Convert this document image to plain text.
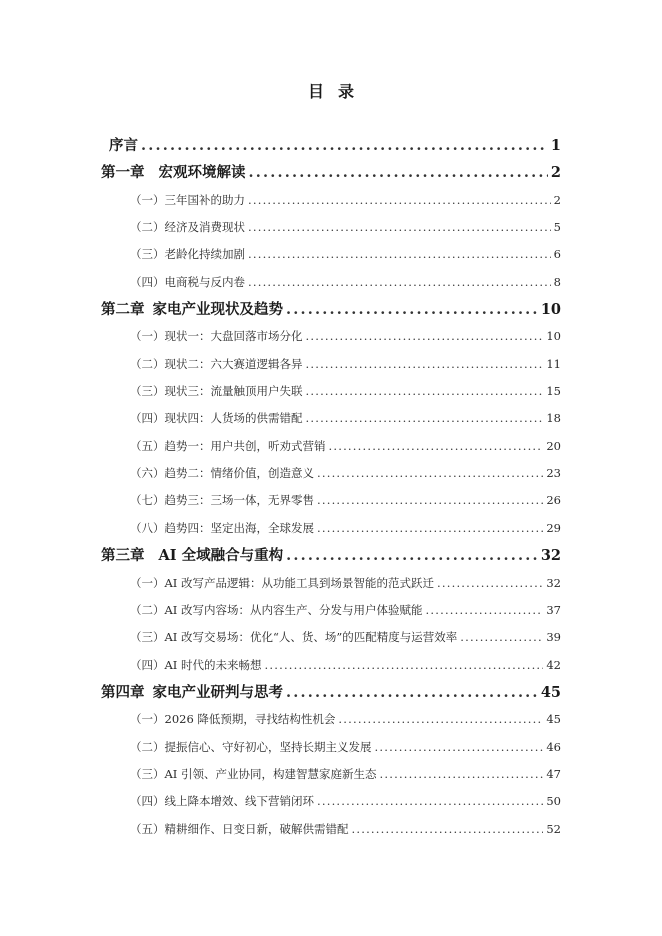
目 录
序言 .....	1
第一章 宏观环境解读 .....	2
（一）三年国补的助力 .....	2
（二）经济及消费现状 .....	5
（三）老龄化持续加剧 .....	6
（四）电商税与反内卷 .....	8
第二章 家电产业现状及趋势 .....	10
（一）现状一：大盘回落市场分化 .....	10
（二）现状二：六大赛道逻辑各异 .....	11
（三）现状三：流量触顶用户失联 .....	15
（四）现状四：人货场的供需错配 .....	18
（五）趋势一：用户共创，听劝式营销 .....	20
（六）趋势二：情绪价值，创造意义 .....	23
（七）趋势三：三场一体，无界零售 .....	26
（八）趋势四：坚定出海，全球发展 .....	29
第三章 AI 全域融合与重构 .....	32
（一）AI 改写产品逻辑：从功能工具到场景智能的范式跃迁 .....	32
（二）AI 改写内容场：从内容生产、分发与用户体验赋能 .....	37
（三）AI 改写交易场：优化“人、货、场”的匹配精度与运营效率 .....	39
（四）AI 时代的未来畅想 .....	42
第四章 家电产业研判与思考 .....	45
（一）2026 降低预期，寻找结构性机会 .....	45
（二）提振信心、守好初心，坚持长期主义发展 .....	46
（三）AI 引领、产业协同，构建智慧家庭新生态 .....	47
（四）线上降本增效、线下营销闭环 .....	50
（五）精耕细作、日变日新，破解供需错配 .....	52
